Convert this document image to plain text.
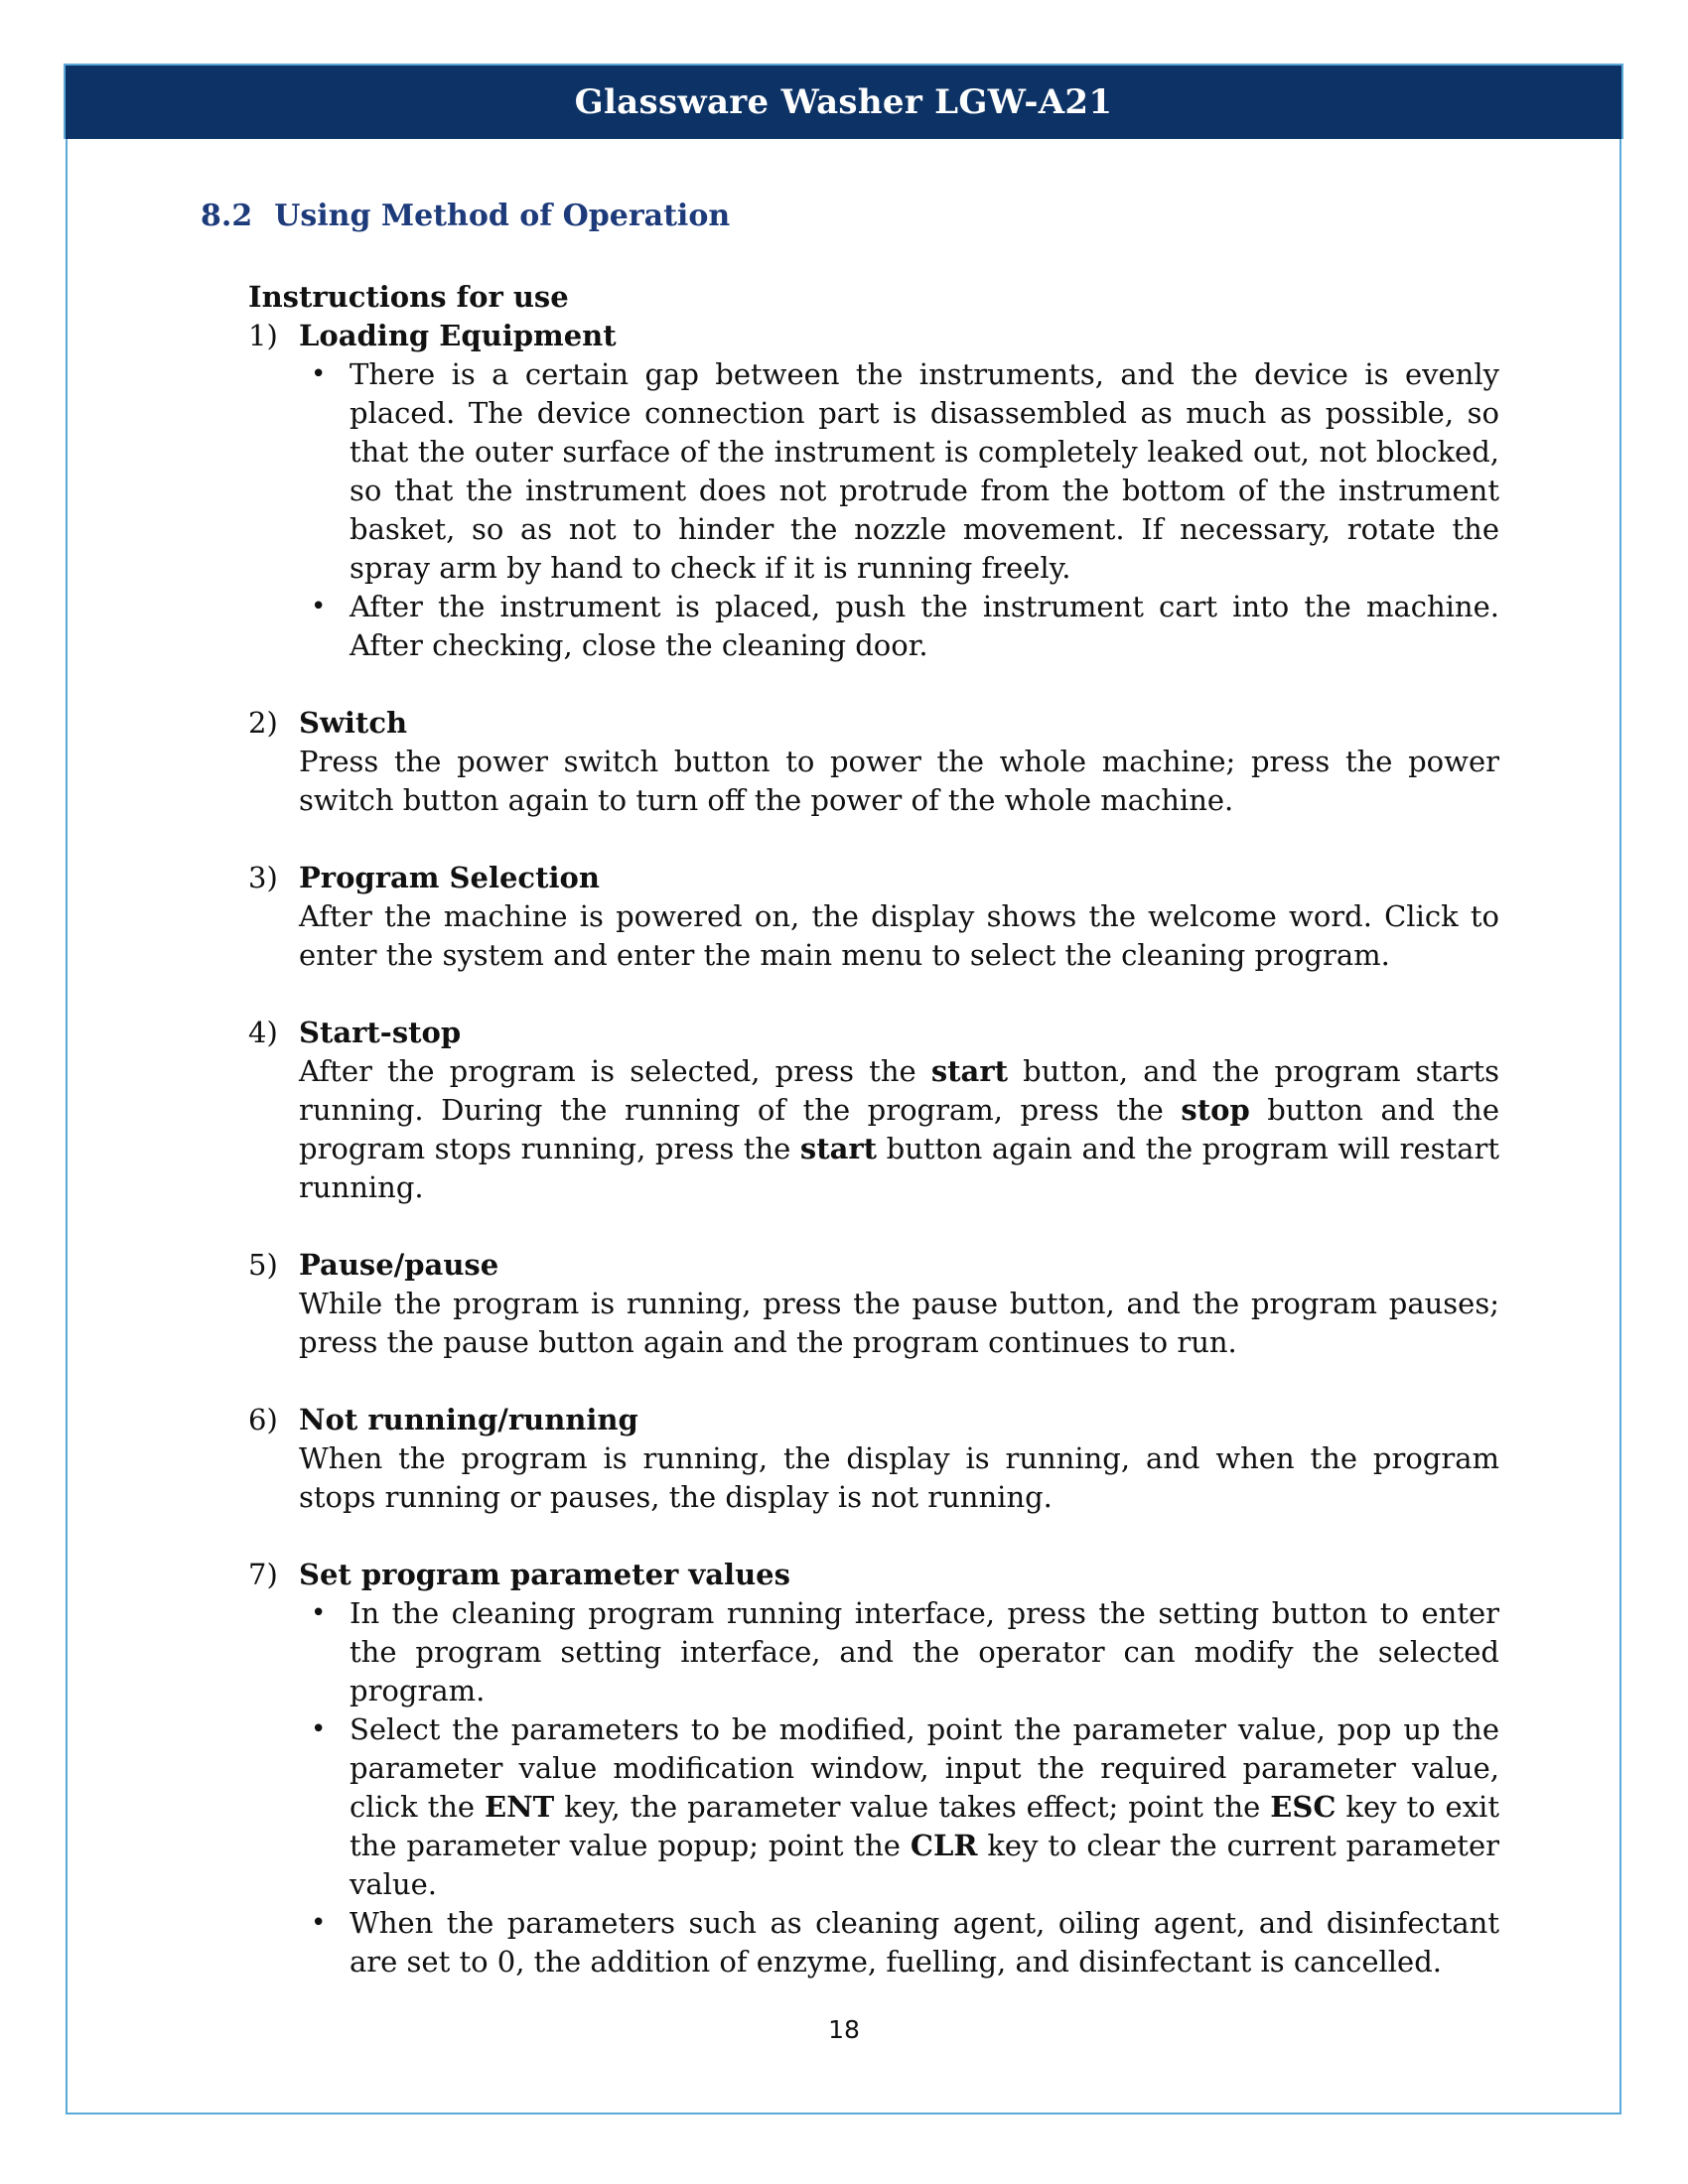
Glassware Washer LGW-A21
8.2 Using Method of Operation

Instructions for use

1) Loading Equipment
• There is a certain gap between the instruments, and the device is evenly placed. The device connection part is disassembled as much as possible, so that the outer surface of the instrument is completely leaked out, not blocked, so that the instrument does not protrude from the bottom of the instrument basket, so as not to hinder the nozzle movement. If necessary, rotate the spray arm by hand to check if it is running freely.
• After the instrument is placed, push the instrument cart into the machine. After checking, close the cleaning door.
2) Switch

Press the power switch button to power the whole machine; press the power switch button again to turn off the power of the whole machine.

3) Program Selection

After the machine is powered on, the display shows the welcome word. Click to enter the system and enter the main menu to select the cleaning program.

4) Start-stop

After the program is selected, press the start button, and the program starts running. During the running of the program, press the stop button and the program stops running, press the start button again and the program will restart running.

5) Pause/pause

While the program is running, press the pause button, and the program pauses; press the pause button again and the program continues to run.

6) Not running/running

When the program is running, the display is running, and when the program stops running or pauses, the display is not running.

7) Set program parameter values
• In the cleaning program running interface, press the setting button to enter the program setting interface, and the operator can modify the selected program.
• Select the parameters to be modified, point the parameter value, pop up the parameter value modification window, input the required parameter value, click the ENT key, the parameter value takes effect; point the ESC key to exit the parameter value popup; point the CLR key to clear the current parameter value.
• When the parameters such as cleaning agent, oiling agent, and disinfectant are set to 0, the addition of enzyme, fuelling, and disinfectant is cancelled.
18
